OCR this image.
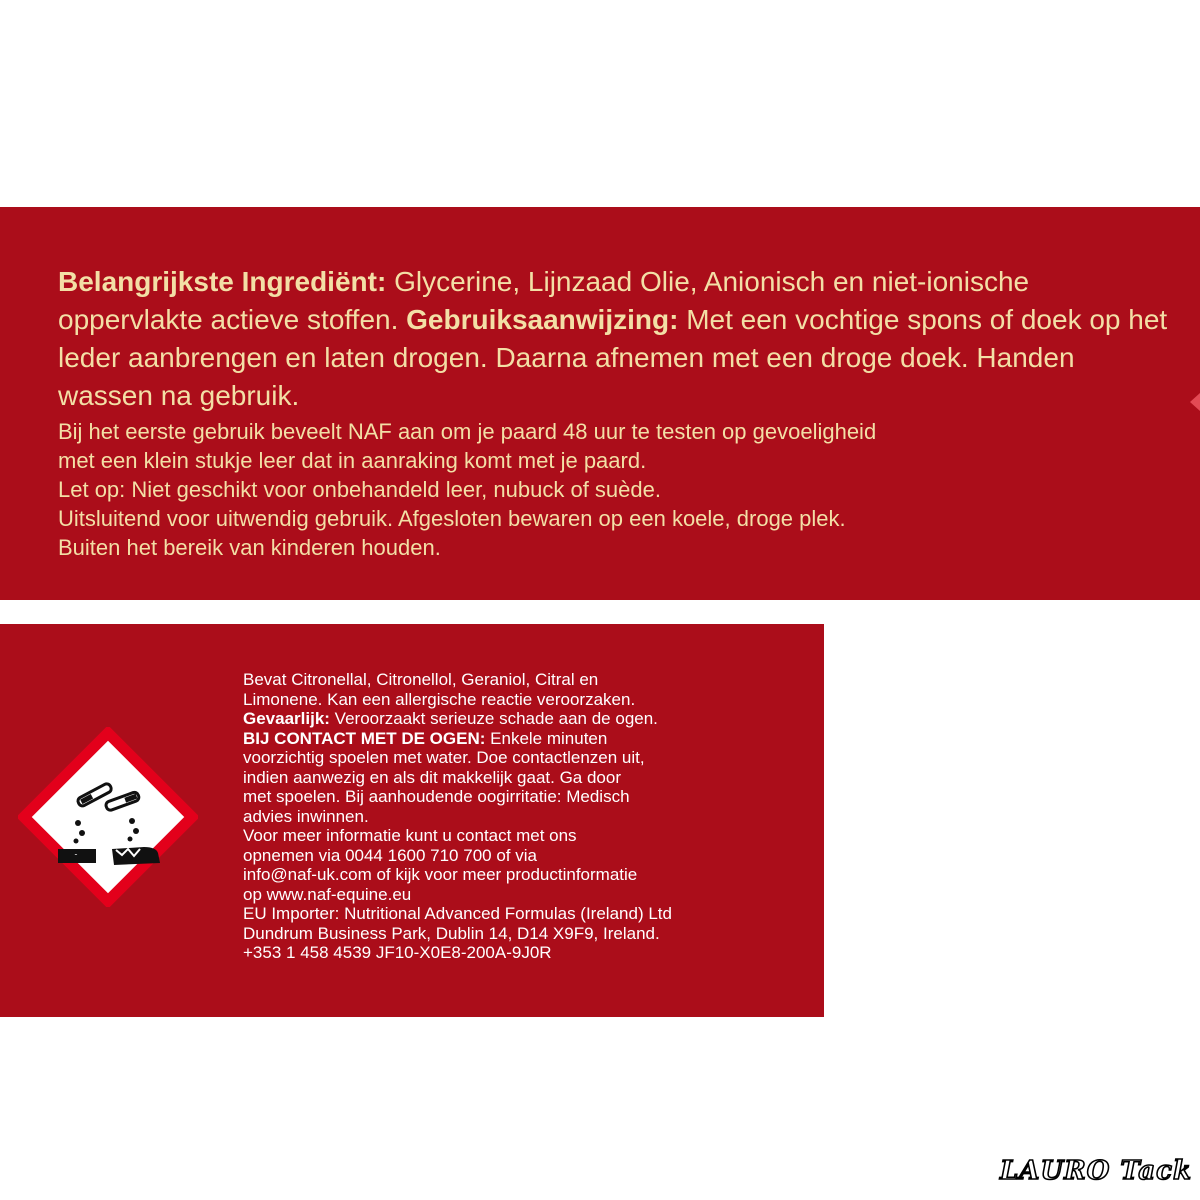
Belangrijkste Ingrediënt: Glycerine, Lijnzaad Olie, Anionisch en niet-ionische oppervlakte actieve stoffen. Gebruiksaanwijzing: Met een vochtige spons of doek op het leder aanbrengen en laten drogen. Daarna afnemen met een droge doek. Handen wassen na gebruik.

Bij het eerste gebruik beveelt NAF aan om je paard 48 uur te testen op gevoeligheid
met een klein stukje leer dat in aanraking komt met je paard.
Let op: Niet geschikt voor onbehandeld leer, nubuck of suède.
Uitsluitend voor uitwendig gebruik. Afgesloten bewaren op een koele, droge plek.
Buiten het bereik van kinderen houden.

Bevat Citronellal, Citronellol, Geraniol, Citral en
Limonene. Kan een allergische reactie veroorzaken.
Gevaarlijk: Veroorzaakt serieuze schade aan de ogen.
BIJ CONTACT MET DE OGEN: Enkele minuten
voorzichtig spoelen met water. Doe contactlenzen uit,
indien aanwezig en als dit makkelijk gaat. Ga door
met spoelen. Bij aanhoudende oogirritatie: Medisch
advies inwinnen.
Voor meer informatie kunt u contact met ons
opnemen via 0044 1600 710 700 of via
info@naf-uk.com of kijk voor meer productinformatie
op www.naf-equine.eu
EU Importer: Nutritional Advanced Formulas (Ireland) Ltd
Dundrum Business Park, Dublin 14, D14 X9F9, Ireland.
+353 1 458 4539 JF10-X0E8-200A-9J0R
LAURO Tack
